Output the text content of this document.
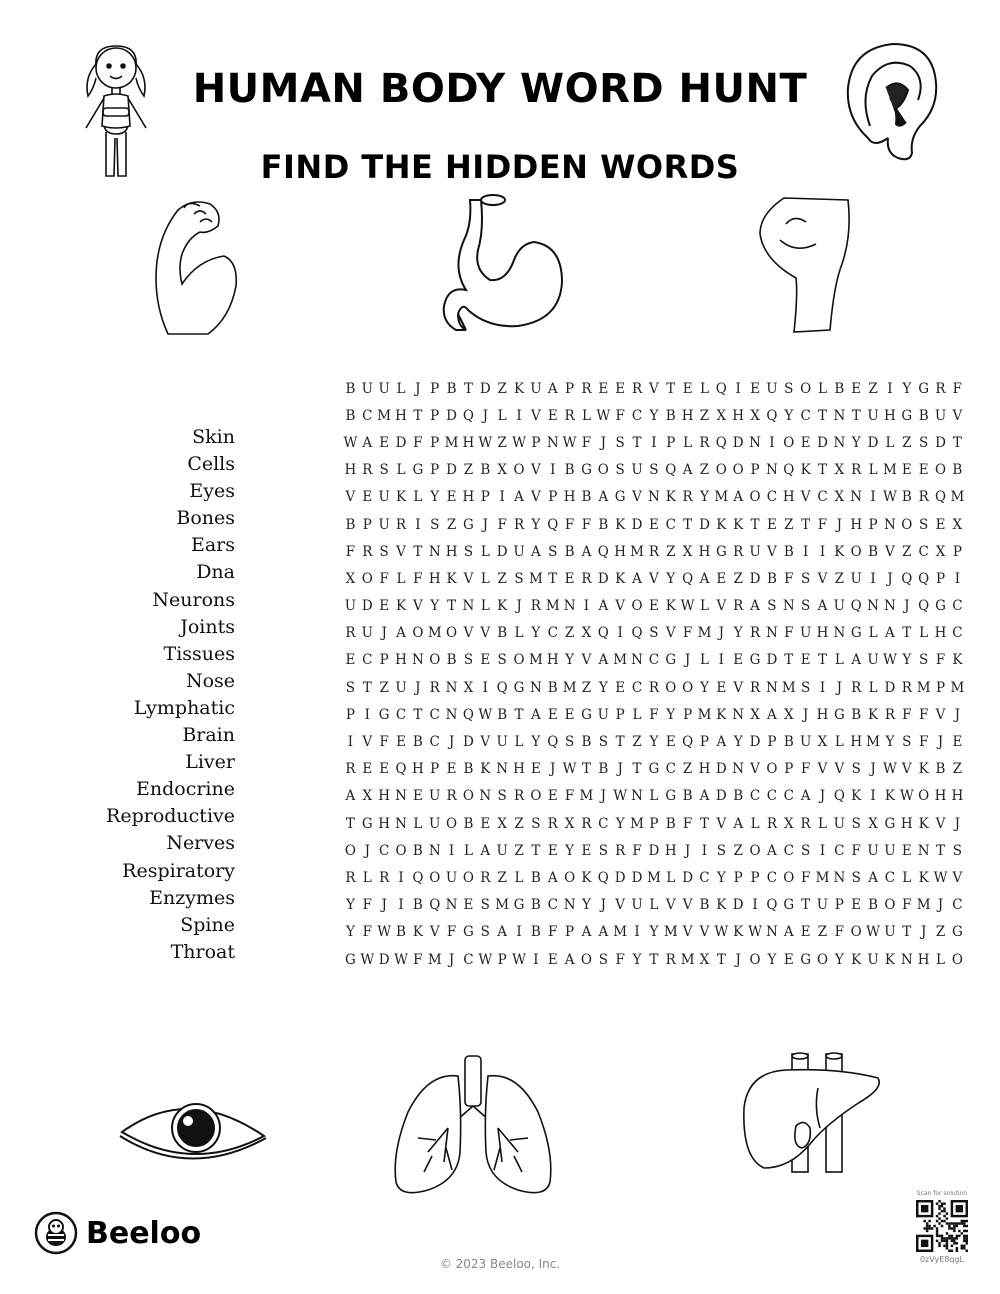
HUMAN BODY WORD HUNT
FIND THE HIDDEN WORDS
Skin
Cells
Eyes
Bones
Ears
Dna
Neurons
Joints
Tissues
Nose
Lymphatic
Brain
Liver
Endocrine
Reproductive
Nerves
Respiratory
Enzymes
Spine
Throat
B U U L J P B T D Z K U A P R E E R V T E L Q I E U S O L B E Z I Y G R F
B C M H T P D Q J L I V E R L W F C Y B H Z X H X Q Y C T N T U H G B U V
W A E D F P M H W Z W P N W F J S T I P L R Q D N I O E D N Y D L Z S D T
H R S L G P D Z B X O V I B G O S U S Q A Z O O P N Q K T X R L M E E O B
V E U K L Y E H P I A V P H B A G V N K R Y M A O C H V C X N I W B R Q M
B P U R I S Z G J F R Y Q F F B K D E C T D K K T E Z T F J H P N O S E X
F R S V T N H S L D U A S B A Q H M R Z X H G R U V B I I K O B V Z C X P
X O F L F H K V L Z S M T E R D K A V Y Q A E Z D B F S V Z U I J Q Q P I
U D E K V Y T N L K J R M N I A V O E K W L V R A S N S A U Q N N J Q G C
R U J A O M O V V B L Y C Z X Q I Q S V F M J Y R N F U H N G L A T L H C
E C P H N O B S E S O M H Y V A M N C G J L I E G D T E T L A U W Y S F K
S T Z U J R N X I Q G N B M Z Y E C R O O Y E V R N M S I J R L D R M P M
P I G C T C N Q W B T A E E G U P L F Y P M K N X A X J H G B K R F F V J
I V F E B C J D V U L Y Q S B S T Z Y E Q P A Y D P B U X L H M Y S F J E
R E E Q H P E B K N H E J W T B J T G C Z H D N V O P F V V S J W V K B Z
A X H N E U R O N S R O E F M J W N L G B A D B C C C A J Q K I K W O H H
T G H N L U O B E X Z S R X R C Y M P B F T V A L R X R L U S X G H K V J
O J C O B N I L A U Z T E Y E S R F D H J I S Z O A C S I C F U U E N T S
R L R I Q O U O R Z L B A O K Q D D M L D C Y P P C O F M N S A C L K W V
Y F J I B Q N E S M G B C N Y J V U L V V B K D I Q G T U P E B O F M J C
Y F W B K V F G S A I B F P A A M I Y M V V W K W N A E Z F O W U T J Z G
G W D W F M J C W P W I E A O S F Y T R M X T J O Y E G O Y K U K N H L O
Beeloo
© 2023 Beeloo, Inc.
Scan for solution
0zVyE8qgL
